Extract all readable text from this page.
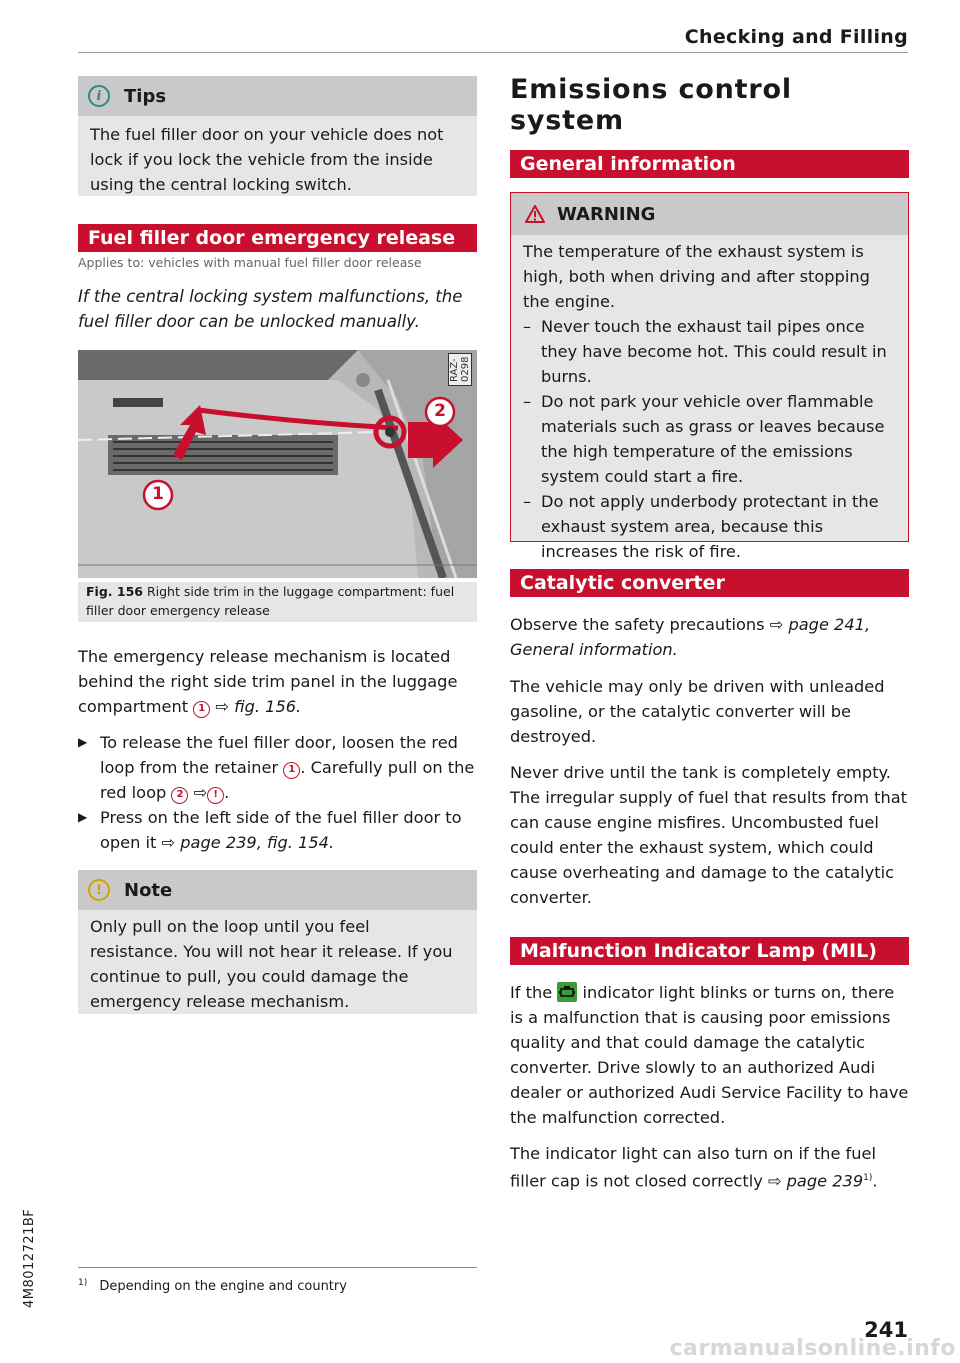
Checking and Filling
i	Tips

The fuel filler door on your vehicle does not lock if you lock the vehicle from the inside using the central locking switch.

Fuel filler door emergency release
Applies to: vehicles with manual fuel filler door release

If the central locking system malfunctions, the fuel filler door can be unlocked manually.

2
1
RAZ-0298
Fig. 156 Right side trim in the luggage compartment: fuel filler door emergency release

The emergency release mechanism is located behind the right side trim panel in the luggage compartment 1 ⇨ fig. 156.

▶ To release the fuel filler door, loosen the red loop from the retainer 1 . Carefully pull on the red loop 2 ⇨ ! .
▶ Press on the left side of the fuel filler door to open it ⇨ page 239, fig. 154.
!	Note

Only pull on the loop until you feel resistance. You will not hear it release. If you continue to pull, you could damage the emergency release mechanism.

$^{1)}$ Depending on the engine and country
Emissions control system
General information
WARNING

The temperature of the exhaust system is high, both when driving and after stopping the engine.

– Never touch the exhaust tail pipes once they have become hot. This could result in burns.
– Do not park your vehicle over flammable materials such as grass or leaves because the high temperature of the emissions system could start a fire.
– Do not apply underbody protectant in the exhaust system area, because this increases the risk of fire.
Catalytic converter

Observe the safety precautions ⇨ page 241, General information.

The vehicle may only be driven with unleaded gasoline, or the catalytic converter will be destroyed.

Never drive until the tank is completely empty. The irregular supply of fuel that results from that can cause engine misfires. Uncombusted fuel could enter the exhaust system, which could cause overheating and damage to the catalytic converter.

Malfunction Indicator Lamp (MIL)

If the indicator light blinks or turns on, there is a malfunction that is causing poor emissions quality and that could damage the catalytic converter. Drive slowly to an authorized Audi dealer or authorized Audi Service Facility to have the malfunction corrected.

The indicator light can also turn on if the fuel filler cap is not closed correctly ⇨ page 239$^{1)}$.

241
4M8012721BF
carmanualsonline.info
